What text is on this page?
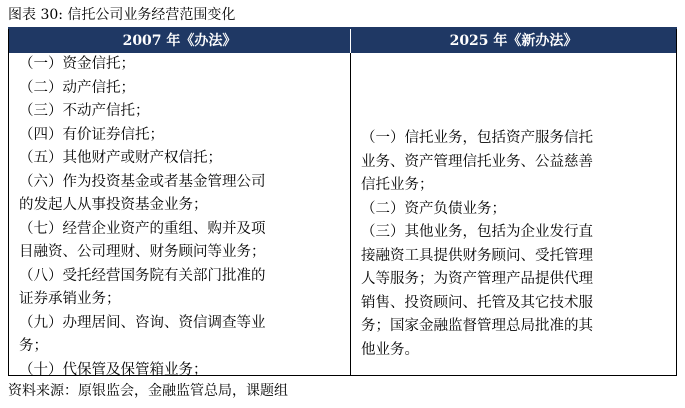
图表 30: 信托公司业务经营范围变化
2007 年《办法》	2025 年《新办法》
（一）资金信托；
（二）动产信托；
（三）不动产信托；
（四）有价证券信托；
（五）其他财产或财产权信托；
（六）作为投资基金或者基金管理公司
的发起人从事投资基金业务；
（七）经营企业资产的重组、购并及项
目融资、公司理财、财务顾问等业务；
（八）受托经营国务院有关部门批准的
证券承销业务；
（九）办理居间、咨询、资信调查等业
务；
（十）代保管及保管箱业务；
（一）信托业务，包括资产服务信托
业务、资产管理信托业务、公益慈善
信托业务；
（二）资产负债业务；
（三）其他业务，包括为企业发行直
接融资工具提供财务顾问、受托管理
人等服务；为资产管理产品提供代理
销售、投资顾问、托管及其它技术服
务；国家金融监督管理总局批准的其
他业务。
资料来源：原银监会，金融监管总局，课题组
